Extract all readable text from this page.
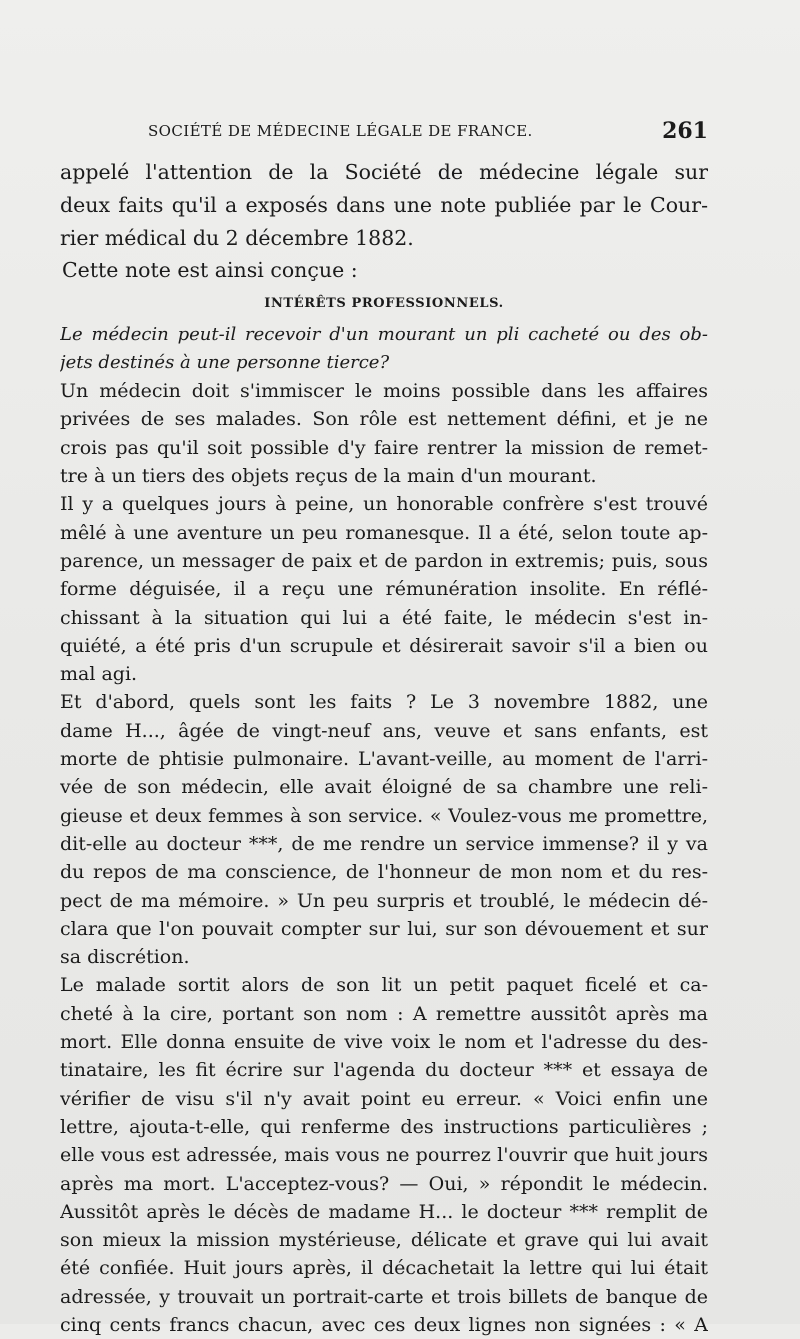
SOCIÉTÉ DE MÉDECINE LÉGALE DE FRANCE.	261
appelé l'attention de la Société de médecine légale sur
deux faits qu'il a exposés dans une note publiée par le Cour-
rier médical du 2 décembre 1882.
Cette note est ainsi conçue :
INTÉRÊTS PROFESSIONNELS.
Le médecin peut-il recevoir d'un mourant un pli cacheté ou des ob-
jets destinés à une personne tierce?
Un médecin doit s'immiscer le moins possible dans les affaires
privées de ses malades. Son rôle est nettement défini, et je ne
crois pas qu'il soit possible d'y faire rentrer la mission de remet-
tre à un tiers des objets reçus de la main d'un mourant.
Il y a quelques jours à peine, un honorable confrère s'est trouvé
mêlé à une aventure un peu romanesque. Il a été, selon toute ap-
parence, un messager de paix et de pardon in extremis; puis, sous
forme déguisée, il a reçu une rémunération insolite. En réflé-
chissant à la situation qui lui a été faite, le médecin s'est in-
quiété, a été pris d'un scrupule et désirerait savoir s'il a bien ou
mal agi.
Et d'abord, quels sont les faits ? Le 3 novembre 1882, une
dame H..., âgée de vingt-neuf ans, veuve et sans enfants, est
morte de phtisie pulmonaire. L'avant-veille, au moment de l'arri-
vée de son médecin, elle avait éloigné de sa chambre une reli-
gieuse et deux femmes à son service. « Voulez-vous me promettre,
dit-elle au docteur ***, de me rendre un service immense? il y va
du repos de ma conscience, de l'honneur de mon nom et du res-
pect de ma mémoire. » Un peu surpris et troublé, le médecin dé-
clara que l'on pouvait compter sur lui, sur son dévouement et sur
sa discrétion.
Le malade sortit alors de son lit un petit paquet ficelé et ca-
cheté à la cire, portant son nom : A remettre aussitôt après ma
mort. Elle donna ensuite de vive voix le nom et l'adresse du des-
tinataire, les fit écrire sur l'agenda du docteur *** et essaya de
vérifier de visu s'il n'y avait point eu erreur. « Voici enfin une
lettre, ajouta-t-elle, qui renferme des instructions particulières ;
elle vous est adressée, mais vous ne pourrez l'ouvrir que huit jours
après ma mort. L'acceptez-vous? — Oui, » répondit le médecin.
Aussitôt après le décès de madame H... le docteur *** remplit de
son mieux la mission mystérieuse, délicate et grave qui lui avait
été confiée. Huit jours après, il décachetait la lettre qui lui était
adressée, y trouvait un portrait-carte et trois billets de banque de
cinq cents francs chacun, avec ces deux lignes non signées : « A
